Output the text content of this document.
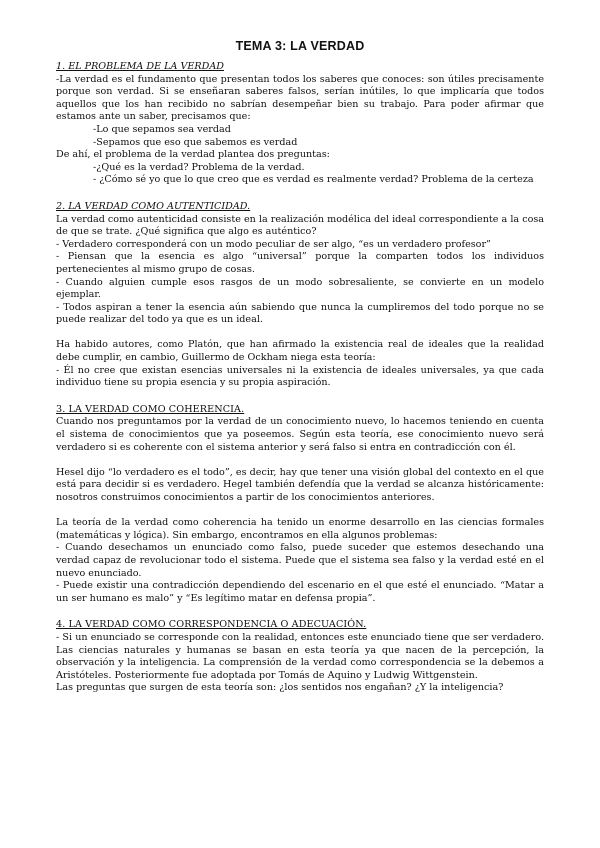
TEMA 3: LA VERDAD
1. EL PROBLEMA DE LA VERDAD

-La verdad es el fundamento que presentan todos los saberes que conoces: son útiles precisamente porque son verdad. Si se enseñaran saberes falsos, serían inútiles, lo que implicaría que todos aquellos que los han recibido no sabrían desempeñar bien su trabajo. Para poder afirmar que estamos ante un saber, precisamos que:

-Lo que sepamos sea verdad

-Sepamos que eso que sabemos es verdad

De ahí, el problema de la verdad plantea dos preguntas:

-¿Qué es la verdad? Problema de la verdad.

- ¿Cómo sé yo que lo que creo que es verdad es realmente verdad? Problema de la certeza

2. LA VERDAD COMO AUTENTICIDAD.

La verdad como autenticidad consiste en la realización modélica del ideal correspondiente a la cosa de que se trate. ¿Qué significa que algo es auténtico?

- Verdadero corresponderá con un modo peculiar de ser algo, “es un verdadero profesor”

- Piensan que la esencia es algo “universal” porque la comparten todos los individuos pertenecientes al mismo grupo de cosas.

- Cuando alguien cumple esos rasgos de un modo sobresaliente, se convierte en un modelo ejemplar.

- Todos aspiran a tener la esencia aún sabiendo que nunca la cumpliremos del todo porque no se puede realizar del todo ya que es un ideal.

Ha habido autores, como Platón, que han afirmado la existencia real de ideales que la realidad debe cumplir, en cambio, Guillermo de Ockham niega esta teoría:

- Él no cree que existan esencias universales ni la existencia de ideales universales, ya que cada individuo tiene su propia esencia y su propia aspiración.

3. LA VERDAD COMO COHERENCIA.

Cuando nos preguntamos por la verdad de un conocimiento nuevo, lo hacemos teniendo en cuenta el sistema de conocimientos que ya poseemos. Según esta teoría, ese conocimiento nuevo será verdadero si es coherente con el sistema anterior y será falso si entra en contradicción con él.

Hesel dijo “lo verdadero es el todo”, es decir, hay que tener una visión global del contexto en el que está para decidir si es verdadero. Hegel también defendía que la verdad se alcanza históricamente: nosotros construimos conocimientos a partir de los conocimientos anteriores.

La teoría de la verdad como coherencia ha tenido un enorme desarrollo en las ciencias formales (matemáticas y lógica). Sin embargo, encontramos en ella algunos problemas:

- Cuando desechamos un enunciado como falso, puede suceder que estemos desechando una verdad capaz de revolucionar todo el sistema. Puede que el sistema sea falso y la verdad esté en el nuevo enunciado.

- Puede existir una contradicción dependiendo del escenario en el que esté el enunciado. “Matar a un ser humano es malo” y “Es legítimo matar en defensa propia”.

4. LA VERDAD COMO CORRESPONDENCIA O ADECUACIÓN.

- Si un enunciado se corresponde con la realidad, entonces este enunciado tiene que ser verdadero. Las ciencias naturales y humanas se basan en esta teoría ya que nacen de la percepción, la observación y la inteligencia. La comprensión de la verdad como correspondencia se la debemos a Aristóteles. Posteriormente fue adoptada por Tomás de Aquino y Ludwig Wittgenstein.

Las preguntas que surgen de esta teoría son: ¿los sentidos nos engañan? ¿Y la inteligencia?
